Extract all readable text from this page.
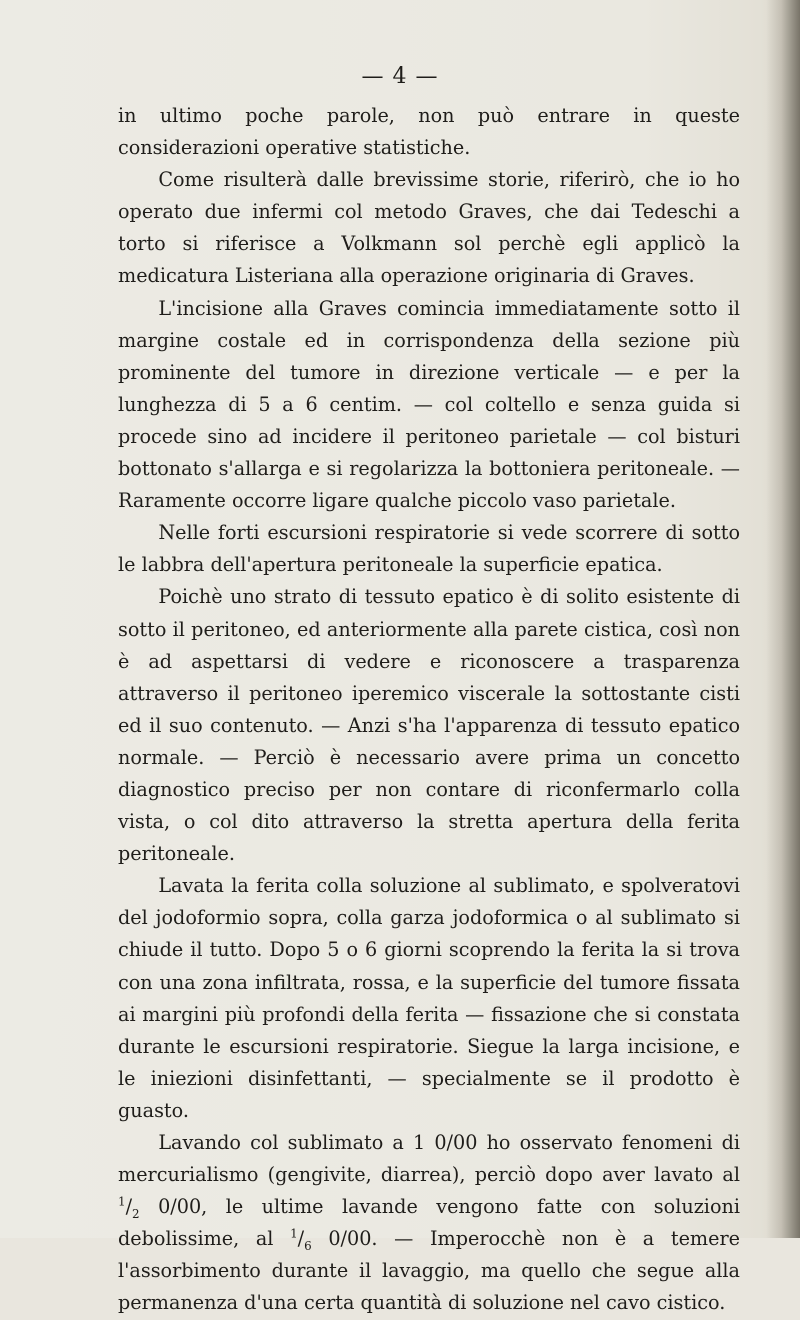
— 4 —

in ultimo poche parole, non può entrare in queste considerazioni operative statistiche.

Come risulterà dalle brevissime storie, riferirò, che io ho operato due infermi col metodo Graves, che dai Tedeschi a torto si riferisce a Volkmann sol perchè egli applicò la medicatura Listeriana alla operazione originaria di Graves.

L'incisione alla Graves comincia immediatamente sotto il margine costale ed in corrispondenza della sezione più prominente del tumore in direzione verticale — e per la lunghezza di 5 a 6 centim. — col coltello e senza guida si procede sino ad incidere il peritoneo parietale — col bisturi bottonato s'allarga e si regolarizza la bottoniera peritoneale. — Raramente occorre ligare qualche piccolo vaso parietale.

Nelle forti escursioni respiratorie si vede scorrere di sotto le labbra dell'apertura peritoneale la superficie epatica.

Poichè uno strato di tessuto epatico è di solito esistente di sotto il peritoneo, ed anteriormente alla parete cistica, così non è ad aspettarsi di vedere e riconoscere a trasparenza attraverso il peritoneo iperemico viscerale la sottostante cisti ed il suo contenuto. — Anzi s'ha l'apparenza di tessuto epatico normale. — Perciò è necessario avere prima un concetto diagnostico preciso per non contare di riconfermarlo colla vista, o col dito attraverso la stretta apertura della ferita peritoneale.

Lavata la ferita colla soluzione al sublimato, e spolveratovi del jodoformio sopra, colla garza jodoformica o al sublimato si chiude il tutto. Dopo 5 o 6 giorni scoprendo la ferita la si trova con una zona infiltrata, rossa, e la superficie del tumore fissata ai margini più profondi della ferita — fissazione che si constata durante le escursioni respiratorie. Siegue la larga incisione, e le iniezioni disinfettanti, — specialmente se il prodotto è guasto.

Lavando col sublimato a 1 0/00 ho osservato fenomeni di mercurialismo (gengivite, diarrea), perciò dopo aver lavato al $^1/_2$ 0/00, le ultime lavande vengono fatte con soluzioni debolissime, al $^1/_6$ 0/00. — Imperocchè non è a temere l'assorbimento durante il lavaggio, ma quello che segue alla permanenza d'una certa quantità di soluzione nel cavo cistico.
